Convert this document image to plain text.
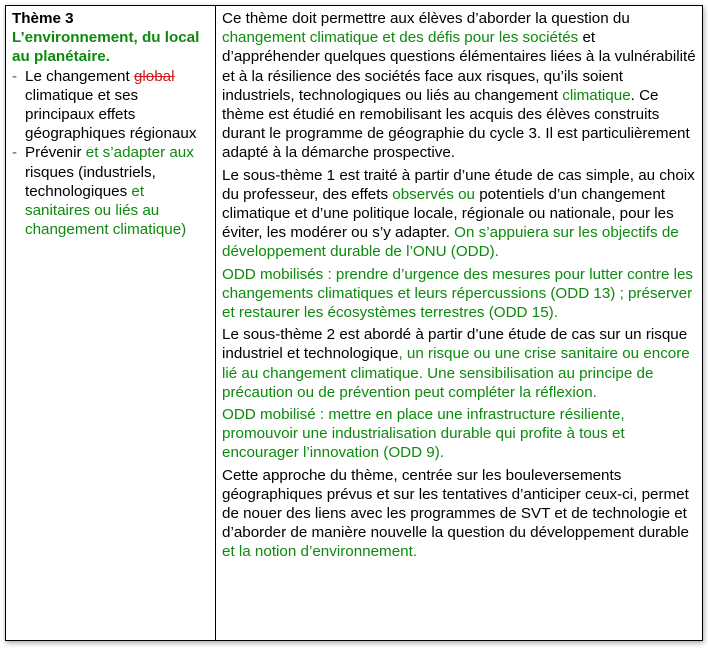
Thème 3
L’environnement, du local au planétaire.
- Le changement global climatique et ses principaux effets géographiques régionaux
- Prévenir et s’adapter aux risques (industriels, technologiques et sanitaires ou liés au changement climatique)

Ce thème doit permettre aux élèves d’aborder la question du changement climatique et des défis pour les sociétés et d’appréhender quelques questions élémentaires liées à la vulnérabilité et à la résilience des sociétés face aux risques, qu’ils soient industriels, technologiques ou liés au changement climatique. Ce thème est étudié en remobilisant les acquis des élèves construits durant le programme de géographie du cycle 3. Il est particulièrement adapté à la démarche prospective.

Le sous-thème 1 est traité à partir d’une étude de cas simple, au choix du professeur, des effets observés ou potentiels d’un changement climatique et d’une politique locale, régionale ou nationale, pour les éviter, les modérer ou s’y adapter. On s’appuiera sur les objectifs de développement durable de l’ONU (ODD).

ODD mobilisés : prendre d’urgence des mesures pour lutter contre les changements climatiques et leurs répercussions (ODD 13) ; préserver et restaurer les écosystèmes terrestres (ODD 15).

Le sous-thème 2 est abordé à partir d’une étude de cas sur un risque industriel et technologique, un risque ou une crise sanitaire ou encore lié au changement climatique. Une sensibilisation au principe de précaution ou de prévention peut compléter la réflexion.

ODD mobilisé : mettre en place une infrastructure résiliente, promouvoir une industrialisation durable qui profite à tous et encourager l’innovation (ODD 9).

Cette approche du thème, centrée sur les bouleversements géographiques prévus et sur les tentatives d’anticiper ceux-ci, permet de nouer des liens avec les programmes de SVT et de technologie et d’aborder de manière nouvelle la question du développement durable et la notion d’environnement.
